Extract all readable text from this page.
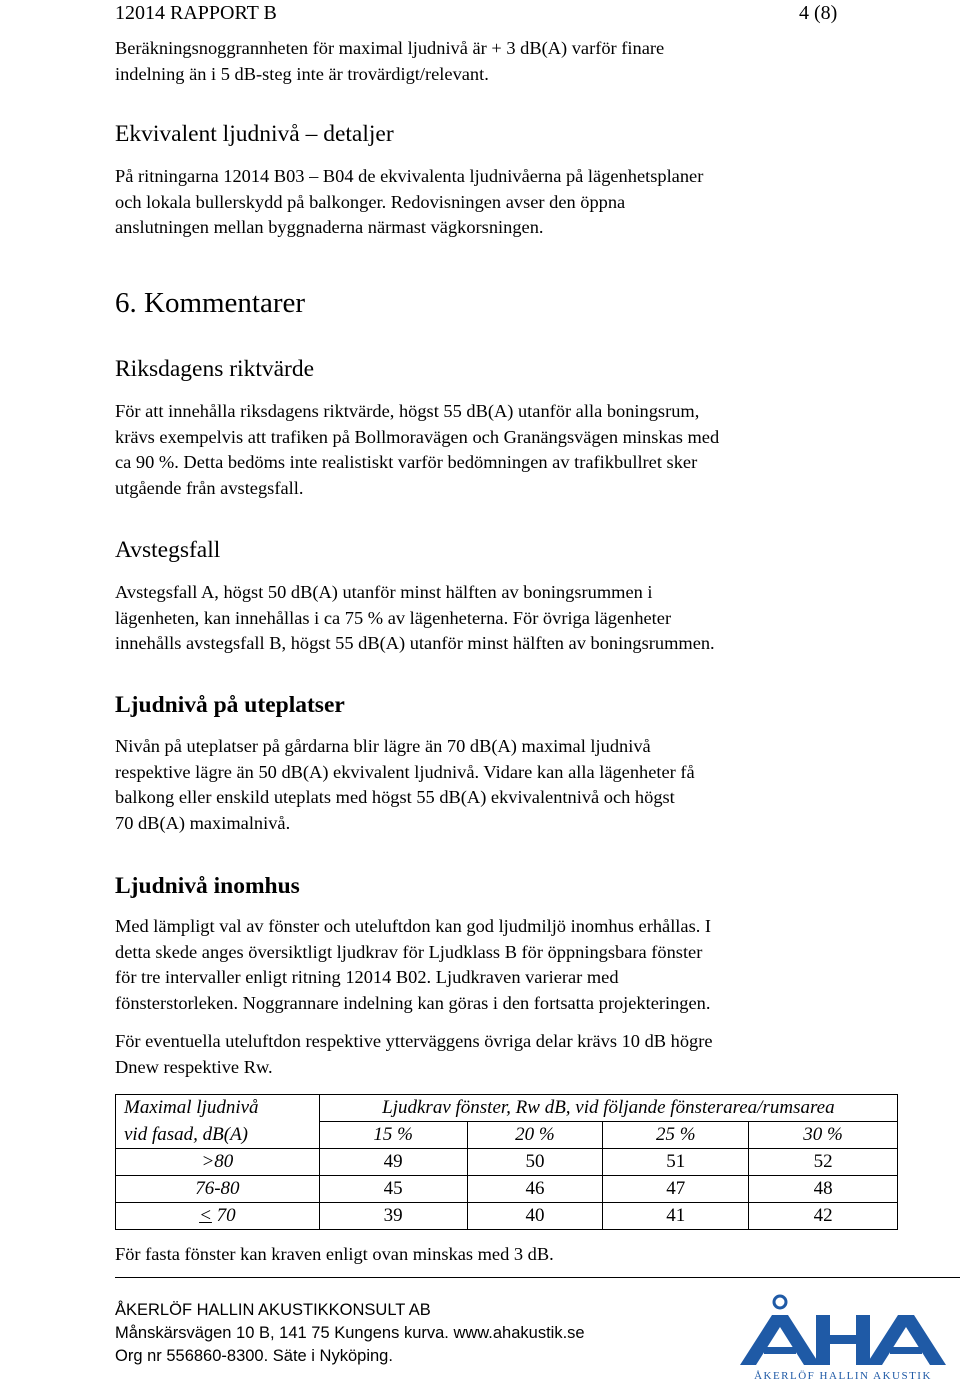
12014 RAPPORT B	4 (8)
Beräkningsnoggrannheten för maximal ljudnivå är + 3 dB(A) varför finare
indelning än i 5 dB-steg inte är trovärdigt/relevant.
Ekvivalent ljudnivå – detaljer
På ritningarna 12014 B03 – B04 de ekvivalenta ljudnivåerna på lägenhetsplaner
och lokala bullerskydd på balkonger. Redovisningen avser den öppna
anslutningen mellan byggnaderna närmast vägkorsningen.
6. Kommentarer
Riksdagens riktvärde
För att innehålla riksdagens riktvärde, högst 55 dB(A) utanför alla boningsrum,
krävs exempelvis att trafiken på Bollmoravägen och Granängsvägen minskas med
ca 90 %. Detta bedöms inte realistiskt varför bedömningen av trafikbullret sker
utgående från avstegsfall.
Avstegsfall
Avstegsfall A, högst 50 dB(A) utanför minst hälften av boningsrummen i
lägenheten, kan innehållas i ca 75 % av lägenheterna. För övriga lägenheter
innehålls avstegsfall B, högst 55 dB(A) utanför minst hälften av boningsrummen.
Ljudnivå på uteplatser
Nivån på uteplatser på gårdarna blir lägre än 70 dB(A) maximal ljudnivå
respektive lägre än 50 dB(A) ekvivalent ljudnivå. Vidare kan alla lägenheter få
balkong eller enskild uteplats med högst 55 dB(A) ekvivalentnivå och högst
70 dB(A) maximalnivå.
Ljudnivå inomhus
Med lämpligt val av fönster och uteluftdon kan god ljudmiljö inomhus erhållas. I
detta skede anges översiktligt ljudkrav för Ljudklass B för öppningsbara fönster
för tre intervaller enligt ritning 12014 B02. Ljudkraven varierar med
fönsterstorleken. Noggrannare indelning kan göras i den fortsatta projekteringen.
För eventuella uteluftdon respektive ytterväggens övriga delar krävs 10 dB högre
Dnew respektive Rw.
Maximal ljudnivå	Ljudkrav fönster, Rw dB, vid följande fönsterarea/rumsarea			
vid fasad, dB(A)	15 %	20 %	25 %	30 %
>80	49	50	51	52
76-80	45	46	47	48
< 70	39	40	41	42
För fasta fönster kan kraven enligt ovan minskas med 3 dB.
ÅKERLÖF HALLIN AKUSTIKKONSULT AB
Månskärsvägen 10 B, 141 75 Kungens kurva. www.ahakustik.se
Org nr 556860-8300. Säte i Nyköping.
ÅKERLÖF HALLIN AKUSTIK
